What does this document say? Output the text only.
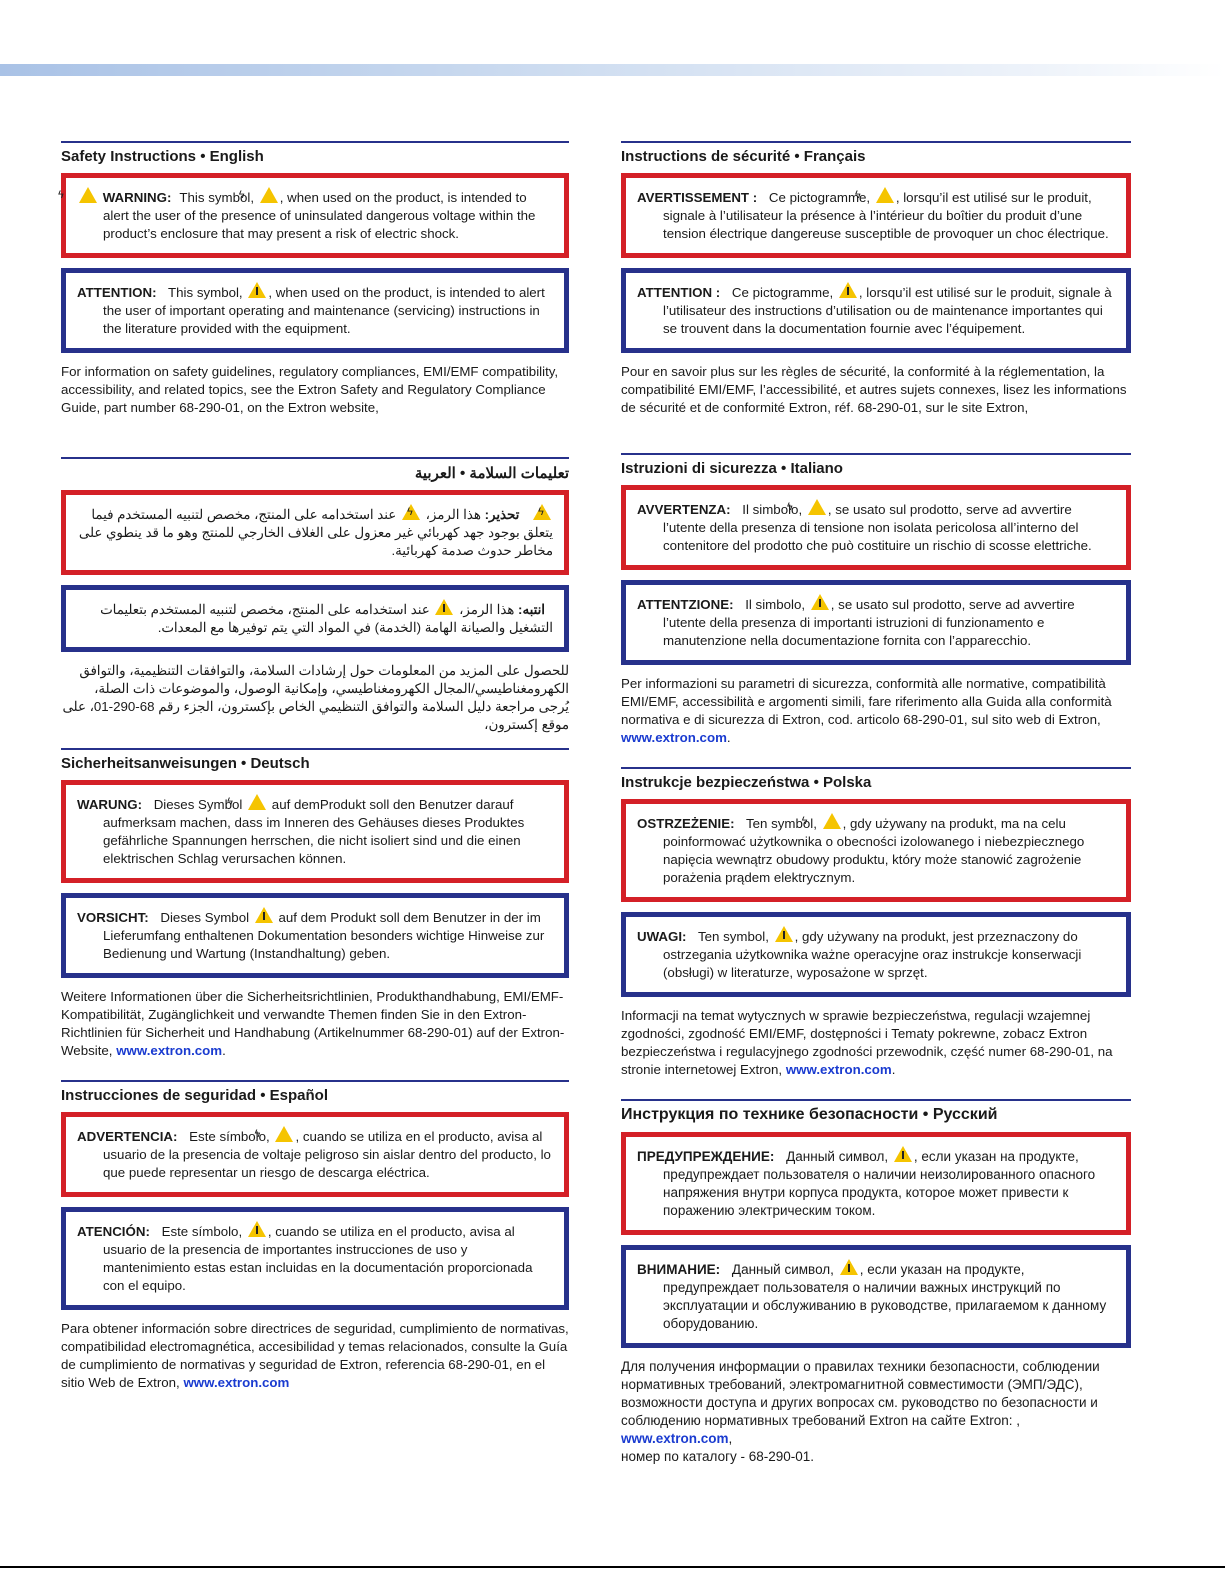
Safety Instructions • English
ϟ WARNING: This symbol, ϟ , when used on the product, is intended to alert the user of the presence of uninsulated dangerous voltage within the product’s enclosure that may present a risk of electric shock.
ATTENTION: This symbol, , when used on the product, is intended to alert the user of important operating and maintenance (servicing) instructions in the literature provided with the equipment.

For information on safety guidelines, regulatory compliances, EMI/EMF compatibility, accessibility, and related topics, see the Extron Safety and Regulatory Compliance Guide, part number 68-290-01, on the Extron website,

تعليمات السلامة • العربية
ϟ تحذير: هذا الرمز، ϟ عند استخدامه على المنتج، مخصص لتنبيه المستخدم فيما يتعلق بوجود جهد كهربائي غير معزول على الغلاف الخارجي للمنتج وهو ما قد ينطوي على مخاطر حدوث صدمة كهربائية.
انتبه: هذا الرمز،  عند استخدامه على المنتج، مخصص لتنبيه المستخدم بتعليمات التشغيل والصيانة الهامة (الخدمة) في المواد التي يتم توفيرها مع المعدات.

للحصول على المزيد من المعلومات حول إرشادات السلامة، والتوافقات التنظيمية، والتوافق الكهرومغناطيسي/المجال الكهرومغناطيسي، وإمكانية الوصول، والموضوعات ذات الصلة، يُرجى مراجعة دليل السلامة والتوافق التنظيمي الخاص بإكسترون، الجزء رقم 68-290-01، على موقع إكسترون،

Sicherheitsanweisungen • Deutsch
WARUNG: Dieses Symbol ϟ auf demProdukt soll den Benutzer darauf aufmerksam machen, dass im Inneren des Gehäuses dieses Produktes gefährliche Spannungen herrschen, die nicht isoliert sind und die einen elektrischen Schlag verursachen können.
VORSICHT: Dieses Symbol auf dem Produkt soll dem Benutzer in der im Lieferumfang enthaltenen Dokumentation besonders wichtige Hinweise zur Bedienung und Wartung (Instandhaltung) geben.

Weitere Informationen über die Sicherheitsrichtlinien, Produkthandhabung, EMI/EMF-Kompatibilität, Zugänglichkeit und verwandte Themen finden Sie in den Extron-Richtlinien für Sicherheit und Handhabung (Artikelnummer 68-290-01) auf der Extron-Website, www.extron.com.

Instrucciones de seguridad • Español
ADVERTENCIA: Este símbolo, ϟ , cuando se utiliza en el producto, avisa al usuario de la presencia de voltaje peligroso sin aislar dentro del producto, lo que puede representar un riesgo de descarga eléctrica.
ATENCIÓN: Este símbolo, , cuando se utiliza en el producto, avisa al usuario de la presencia de importantes instrucciones de uso y mantenimiento estas estan incluidas en la documentación proporcionada con el equipo.

Para obtener información sobre directrices de seguridad, cumplimiento de normativas, compatibilidad electromagnética, accesibilidad y temas relacionados, consulte la Guía de cumplimiento de normativas y seguridad de Extron, referencia 68-290-01, en el sitio Web de Extron, www.extron.com

Instructions de sécurité • Français
AVERTISSEMENT : Ce pictogramme, ϟ , lorsqu’il est utilisé sur le produit, signale à l’utilisateur la présence à l’intérieur du boîtier du produit d’une tension électrique dangereuse susceptible de provoquer un choc électrique.
ATTENTION : Ce pictogramme, , lorsqu’il est utilisé sur le produit, signale à l’utilisateur des instructions d’utilisation ou de maintenance importantes qui se trouvent dans la documentation fournie avec l’équipement.

Pour en savoir plus sur les règles de sécurité, la conformité à la réglementation, la compatibilité EMI/EMF, l’accessibilité, et autres sujets connexes, lisez les informations de sécurité et de conformité Extron, réf. 68-290-01, sur le site Extron,

Istruzioni di sicurezza • Italiano
AVVERTENZA: Il simbolo, ϟ , se usato sul prodotto, serve ad avvertire l’utente della presenza di tensione non isolata pericolosa all’interno del contenitore del prodotto che può costituire un rischio di scosse elettriche.
ATTENTZIONE: Il simbolo, , se usato sul prodotto, serve ad avvertire l’utente della presenza di importanti istruzioni di funzionamento e manutenzione nella documentazione fornita con l’apparecchio.

Per informazioni su parametri di sicurezza, conformità alle normative, compatibilità EMI/EMF, accessibilità e argomenti simili, fare riferimento alla Guida alla conformità normativa e di sicurezza di Extron, cod. articolo 68-290-01, sul sito web di Extron, www.extron.com.

Instrukcje bezpieczeństwa • Polska
OSTRZEŻENIE: Ten symbol, ϟ , gdy używany na produkt, ma na celu poinformować użytkownika o obecności izolowanego i niebezpiecznego napięcia wewnątrz obudowy produktu, który może stanowić zagrożenie porażenia prądem elektrycznym.
UWAGI: Ten symbol, , gdy używany na produkt, jest przeznaczony do ostrzegania użytkownika ważne operacyjne oraz instrukcje konserwacji (obsługi) w literaturze, wyposażone w sprzęt.

Informacji na temat wytycznych w sprawie bezpieczeństwa, regulacji wzajemnej zgodności, zgodność EMI/EMF, dostępności i Tematy pokrewne, zobacz Extron bezpieczeństwa i regulacyjnego zgodności przewodnik, część numer 68-290-01, na stronie internetowej Extron, www.extron.com.

Инструкция по технике безопасности • Русский
ПРЕДУПРЕЖДЕНИЕ: Данный символ, , если указан на продукте, предупреждает пользователя о наличии неизолированного опасного напряжения внутри корпуса продукта, которое может привести к поражению электрическим током.
ВНИМАНИЕ: Данный символ, , если указан на продукте, предупреждает пользователя о наличии важных инструкций по эксплуатации и обслуживанию в руководстве, прилагаемом к данному оборудованию.

Для получения информации о правилах техники безопасности, соблюдении нормативных требований, электромагнитной совместимости (ЭМП/ЭДС), возможности доступа и других вопросах см. руководство по безопасности и соблюдению нормативных требований Extron на сайте Extron: , www.extron.com,
номер по каталогу - 68-290-01.
